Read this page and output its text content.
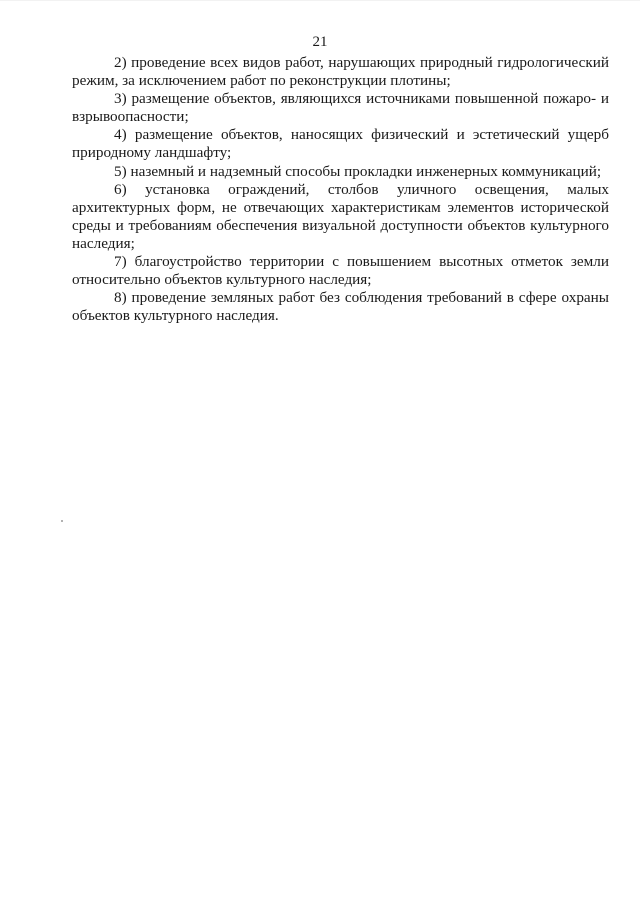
21

2) проведение всех видов работ, нарушающих природный гидрологический режим, за исключением работ по реконструкции плотины;

3) размещение объектов, являющихся источниками повышенной пожаро- и взрывоопасности;

4) размещение объектов, наносящих физический и эстетический ущерб природному ландшафту;

5) наземный и надземный способы прокладки инженерных коммуникаций;

6) установка ограждений, столбов уличного освещения, малых архитектурных форм, не отвечающих характеристикам элементов исторической среды и требованиям обеспечения визуальной доступности объектов культурного наследия;

7) благоустройство территории с повышением высотных отметок земли относительно объектов культурного наследия;

8) проведение земляных работ без соблюдения требований в сфере охраны объектов культурного наследия.
